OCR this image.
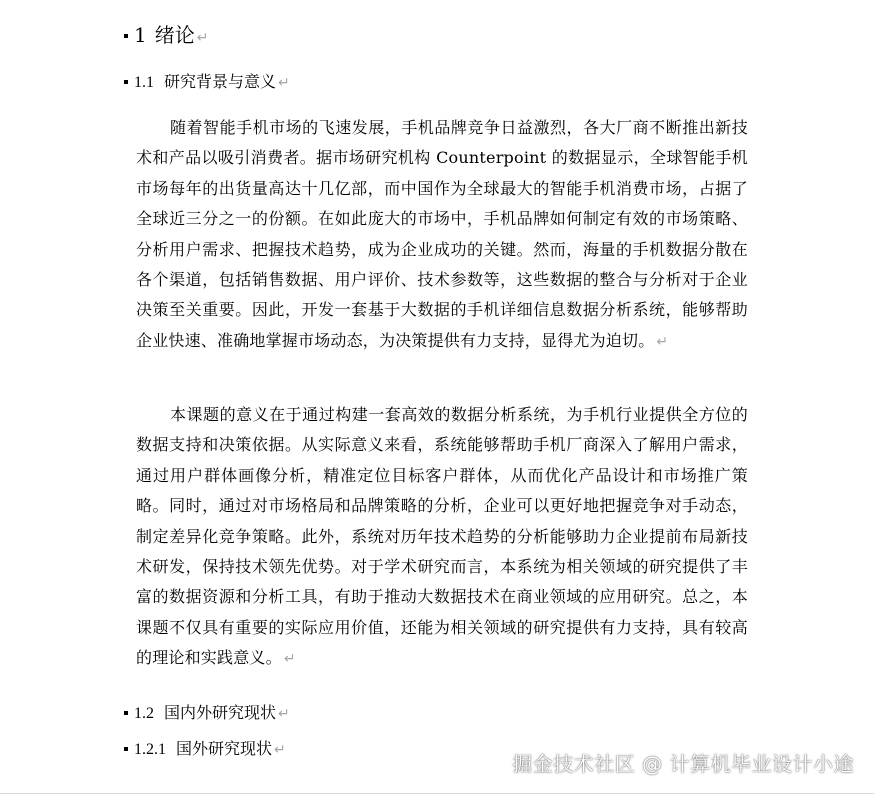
1 绪论 ↵
1.1 研究背景与意义 ↵

随着智能手机市场的飞速发展，手机品牌竞争日益激烈，各大厂商不断推出新技术和产品以吸引消费者。据市场研究机构 Counterpoint 的数据显示，全球智能手机市场每年的出货量高达十几亿部，而中国作为全球最大的智能手机消费市场，占据了全球近三分之一的份额。在如此庞大的市场中，手机品牌如何制定有效的市场策略、分析用户需求、把握技术趋势，成为企业成功的关键。然而，海量的手机数据分散在各个渠道，包括销售数据、用户评价、技术参数等，这些数据的整合与分析对于企业决策至关重要。因此，开发一套基于大数据的手机详细信息数据分析系统，能够帮助企业快速、准确地掌握市场动态，为决策提供有力支持，显得尤为迫切。 ↵

本课题的意义在于通过构建一套高效的数据分析系统，为手机行业提供全方位的数据支持和决策依据。从实际意义来看，系统能够帮助手机厂商深入了解用户需求，通过用户群体画像分析，精准定位目标客户群体，从而优化产品设计和市场推广策略。同时，通过对市场格局和品牌策略的分析，企业可以更好地把握竞争对手动态，制定差异化竞争策略。此外，系统对历年技术趋势的分析能够助力企业提前布局新技术研发，保持技术领先优势。对于学术研究而言，本系统为相关领域的研究提供了丰富的数据资源和分析工具，有助于推动大数据技术在商业领域的应用研究。总之，本课题不仅具有重要的实际应用价值，还能为相关领域的研究提供有力支持，具有较高的理论和实践意义。 ↵

1.2 国内外研究现状 ↵
1.2.1 国外研究现状 ↵
掘金技术社区 @ 计算机毕业设计小途
